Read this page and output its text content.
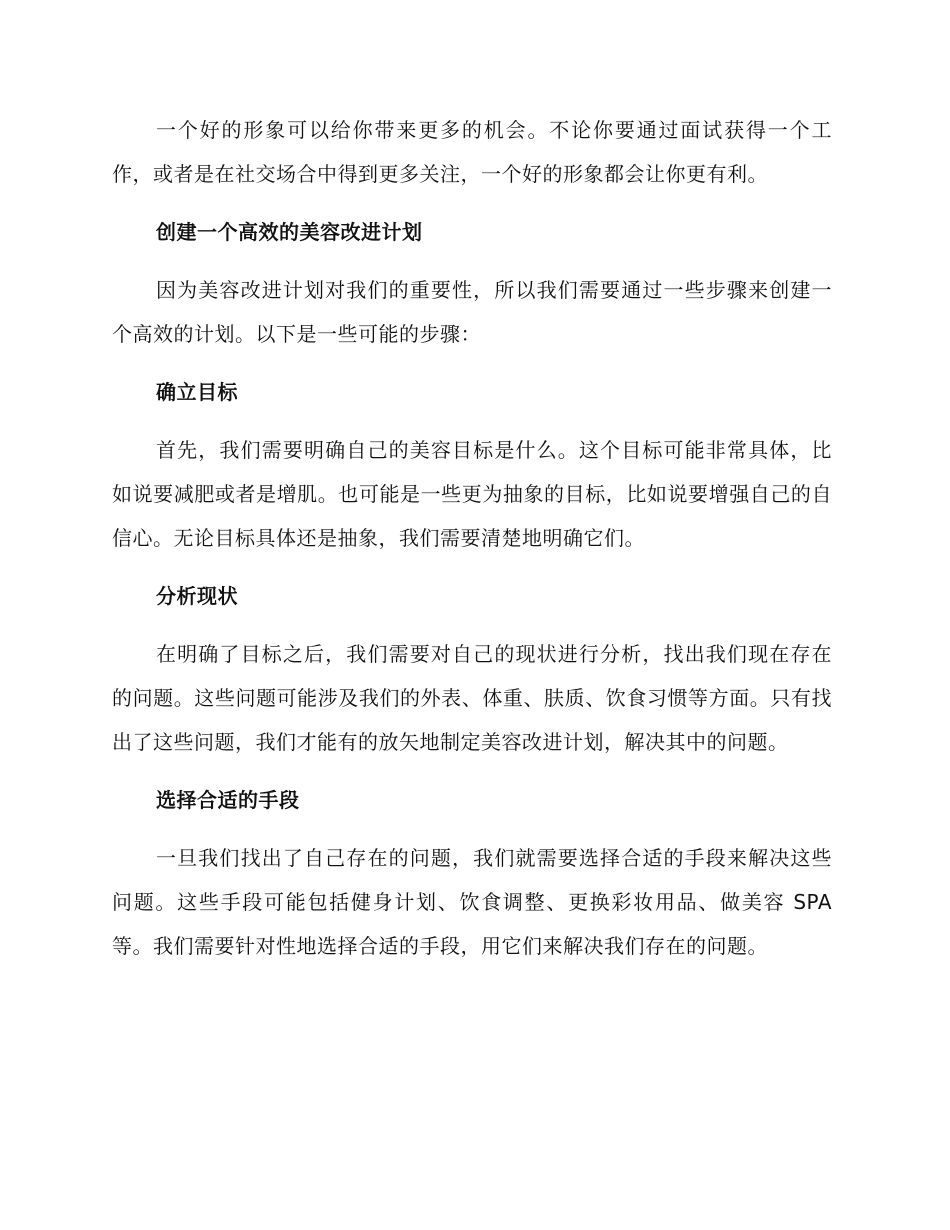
一个好的形象可以给你带来更多的机会。不论你要通过面试获得一个工作，或者是在社交场合中得到更多关注，一个好的形象都会让你更有利。

创建一个高效的美容改进计划

因为美容改进计划对我们的重要性，所以我们需要通过一些步骤来创建一个高效的计划。以下是一些可能的步骤：

确立目标

首先，我们需要明确自己的美容目标是什么。这个目标可能非常具体，比如说要减肥或者是增肌。也可能是一些更为抽象的目标，比如说要增强自己的自信心。无论目标具体还是抽象，我们需要清楚地明确它们。

分析现状

在明确了目标之后，我们需要对自己的现状进行分析，找出我们现在存在的问题。这些问题可能涉及我们的外表、体重、肤质、饮食习惯等方面。只有找出了这些问题，我们才能有的放矢地制定美容改进计划，解决其中的问题。

选择合适的手段

一旦我们找出了自己存在的问题，我们就需要选择合适的手段来解决这些问题。这些手段可能包括健身计划、饮食调整、更换彩妆用品、做美容 SPA 等。我们需要针对性地选择合适的手段，用它们来解决我们存在的问题。
